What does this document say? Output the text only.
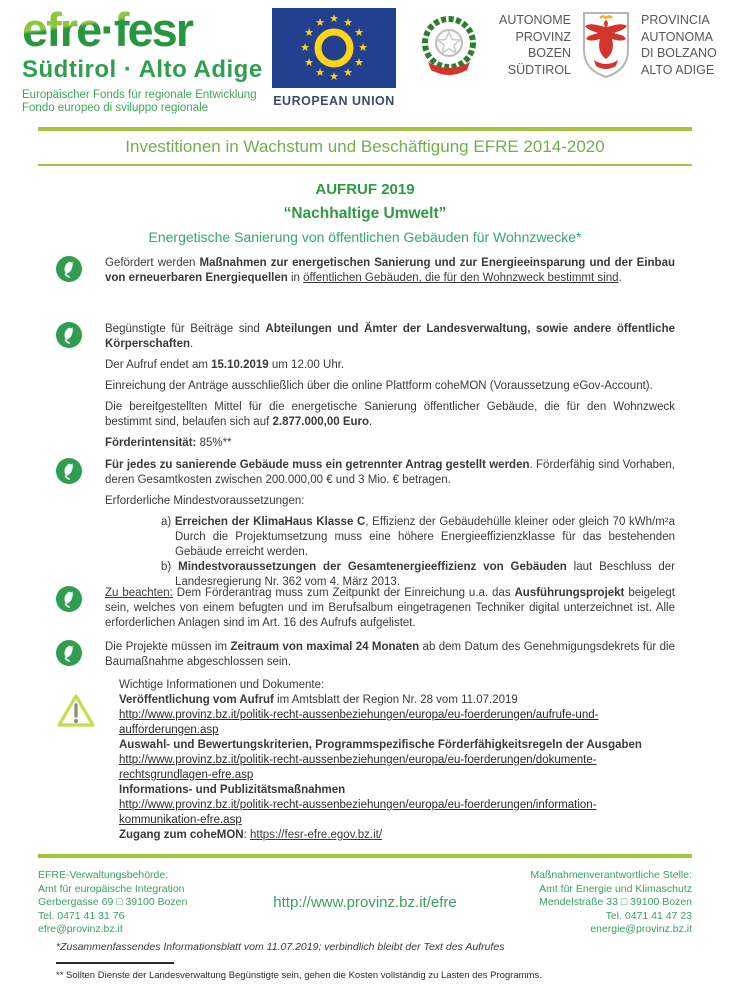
efre·fesr
Südtirol · Alto Adige
Europäischer Fonds für regionale Entwicklung
Fondo europeo di sviluppo regionale
★ ★
★
★
★
★
★
★
★
★
★
★
EUROPEAN UNION
AUTONOME
PROVINZ
BOZEN
SÜDTIROL
PROVINCIA
AUTONOMA
DI BOLZANO
ALTO ADIGE
Investitionen in Wachstum und Beschäftigung EFRE 2014-2020
AUFRUF 2019
“Nachhaltige Umwelt”
Energetische Sanierung von öffentlichen Gebäuden für Wohnzwecke*

Gefördert werden Maßnahmen zur energetischen Sanierung und zur Energieeinsparung und der Einbau von erneuerbaren Energiequellen in öffentlichen Gebäuden, die für den Wohnzweck bestimmt sind.

Begünstigte für Beiträge sind Abteilungen und Ämter der Landesverwaltung, sowie andere öffentliche Körperschaften.

Der Aufruf endet am 15.10.2019 um 12.00 Uhr.

Einreichung der Anträge ausschließlich über die online Plattform coheMON (Voraussetzung eGov-Account).

Die bereitgestellten Mittel für die energetische Sanierung öffentlicher Gebäude, die für den Wohnzweck bestimmt sind, belaufen sich auf 2.877.000,00 Euro.

Förderintensität: 85%**

Für jedes zu sanierende Gebäude muss ein getrennter Antrag gestellt werden. Förderfähig sind Vorhaben, deren Gesamtkosten zwischen 200.000,00 € und 3 Mio. € betragen.

Erforderliche Mindestvoraussetzungen:

a) Erreichen der KlimaHaus Klasse C, Effizienz der Gebäudehülle kleiner oder gleich 70 kWh/m²a Durch die Projektumsetzung muss eine höhere Energieeffizienzklasse für das bestehenden Gebäude erreicht werden.
b) Mindestvoraussetzungen der Gesamtenergieeffizienz von Gebäuden laut Beschluss der Landesregierung Nr. 362 vom 4. März 2013.

Zu beachten: Dem Förderantrag muss zum Zeitpunkt der Einreichung u.a. das Ausführungsprojekt beigelegt sein, welches von einem befugten und im Berufsalbum eingetragenen Techniker digital unterzeichnet ist. Alle erforderlichen Anlagen sind im Art. 16 des Aufrufs aufgelistet.

Die Projekte müssen im Zeitraum von maximal 24 Monaten ab dem Datum des Genehmigungsdekrets für die Baumaßnahme abgeschlossen sein.

Wichtige Informationen und Dokumente:
Veröffentlichung vom Aufruf im Amtsblatt der Region Nr. 28 vom 11.07.2019
http://www.provinz.bz.it/politik-recht-aussenbeziehungen/europa/eu-foerderungen/aufrufe-und-aufforderungen.asp
Auswahl- und Bewertungskriterien, Programmspezifische Förderfähigkeitsregeln der Ausgaben
http://www.provinz.bz.it/politik-recht-aussenbeziehungen/europa/eu-foerderungen/dokumente-rechtsgrundlagen-efre.asp
Informations- und Publizitätsmaßnahmen
http://www.provinz.bz.it/politik-recht-aussenbeziehungen/europa/eu-foerderungen/information-kommunikation-efre.asp
Zugang zum coheMON: https://fesr-efre.egov.bz.it/
EFRE-Verwaltungsbehörde:
Amt für europäische Integration
Gerbergasse 69 □ 39100 Bozen
Tel. 0471 41 31 76
efre@provinz.bz.it
http://www.provinz.bz.it/efre
Maßnahmenverantwortliche Stelle:
Amt für Energie und Klimaschutz
Mendelstraße 33 □ 39100 Bozen
Tel. 0471 41 47 23
energie@provinz.bz.it
*Zusammenfassendes Informationsblatt vom 11.07.2019; verbindlich bleibt der Text des Aufrufes
** Sollten Dienste der Landesverwaltung Begünstigte sein, gehen die Kosten vollständig zu Lasten des Programms.
